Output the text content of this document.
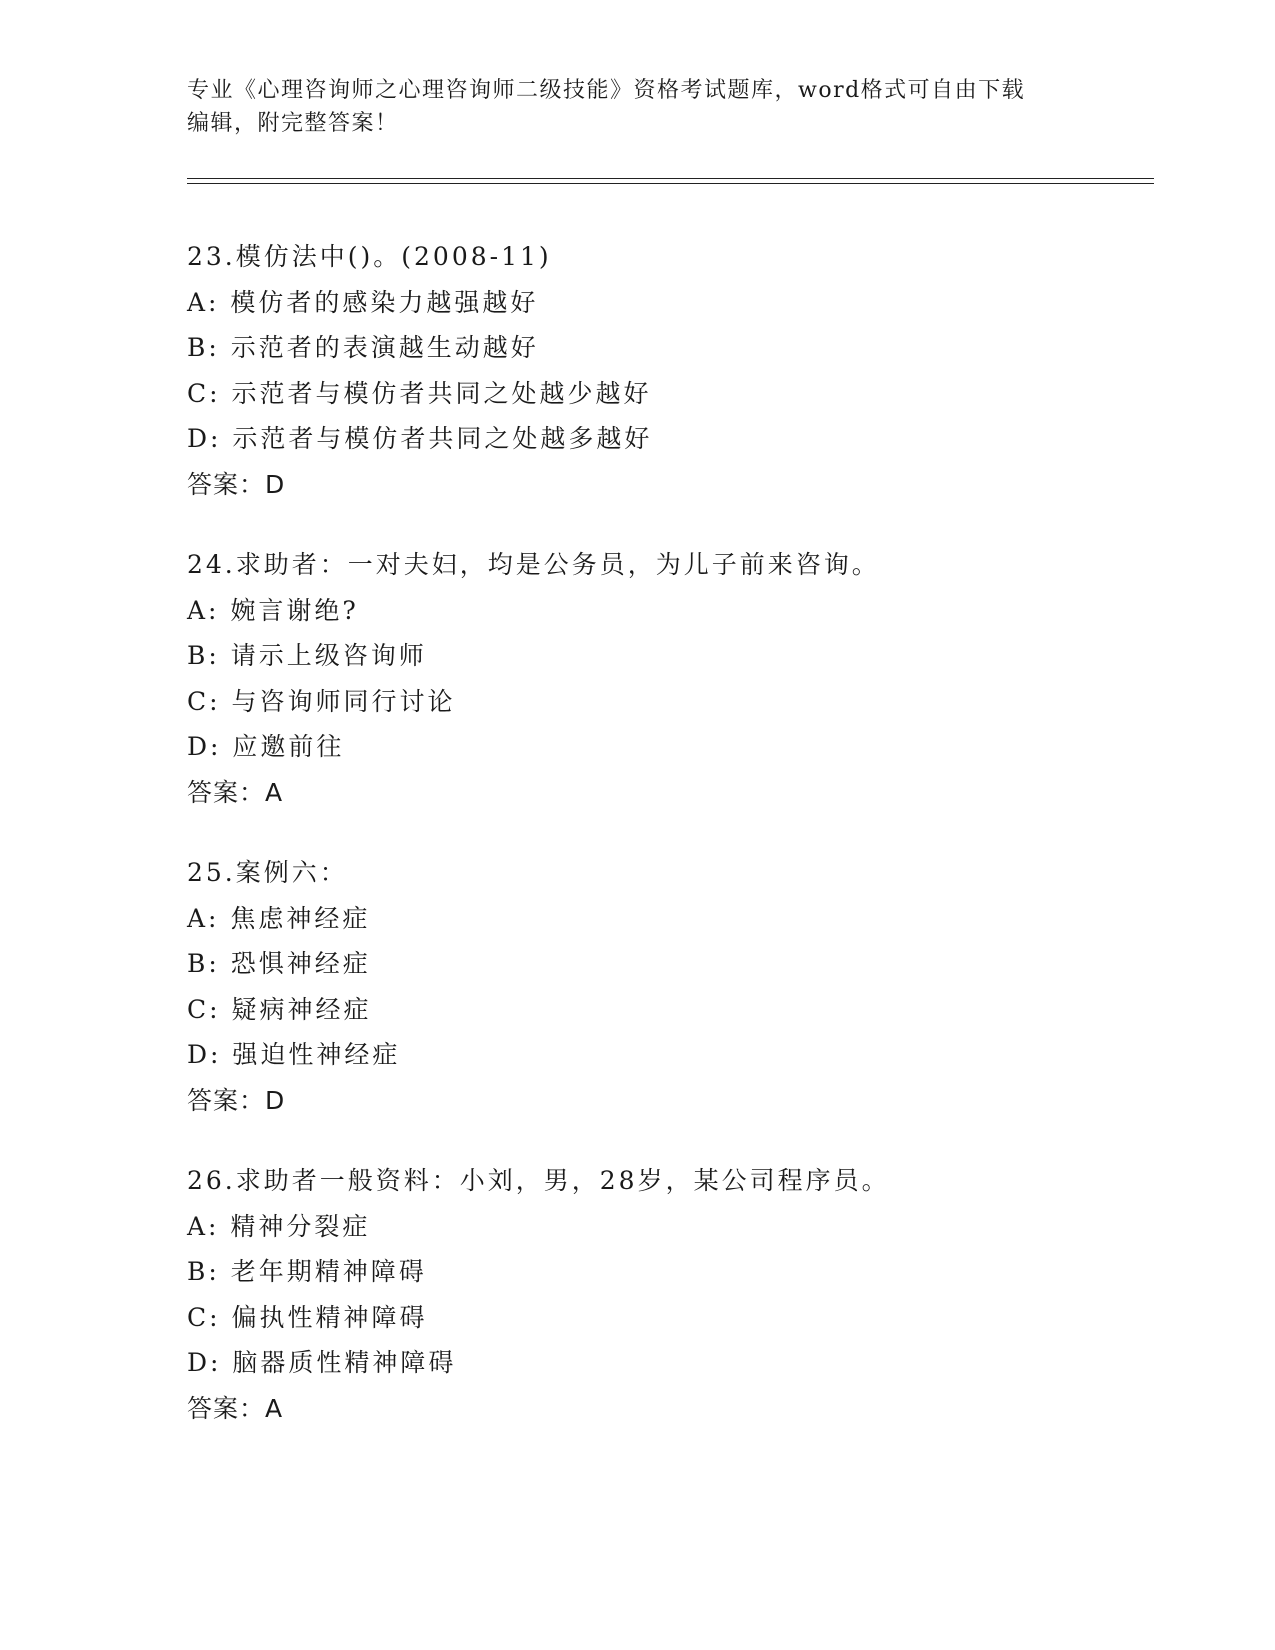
专业《心理咨询师之心理咨询师二级技能》资格考试题库，word格式可自由下载
编辑，附完整答案！
23.模仿法中()。(2008-11)
A: 模仿者的感染力越强越好
B: 示范者的表演越生动越好
C: 示范者与模仿者共同之处越少越好
D: 示范者与模仿者共同之处越多越好
答案：D
24.求助者：一对夫妇，均是公务员，为儿子前来咨询。
A: 婉言谢绝?
B: 请示上级咨询师
C: 与咨询师同行讨论
D: 应邀前往
答案：A
25.案例六：
A: 焦虑神经症
B: 恐惧神经症
C: 疑病神经症
D: 强迫性神经症
答案：D
26.求助者一般资料：小刘，男，28岁，某公司程序员。
A: 精神分裂症
B: 老年期精神障碍
C: 偏执性精神障碍
D: 脑器质性精神障碍
答案：A
